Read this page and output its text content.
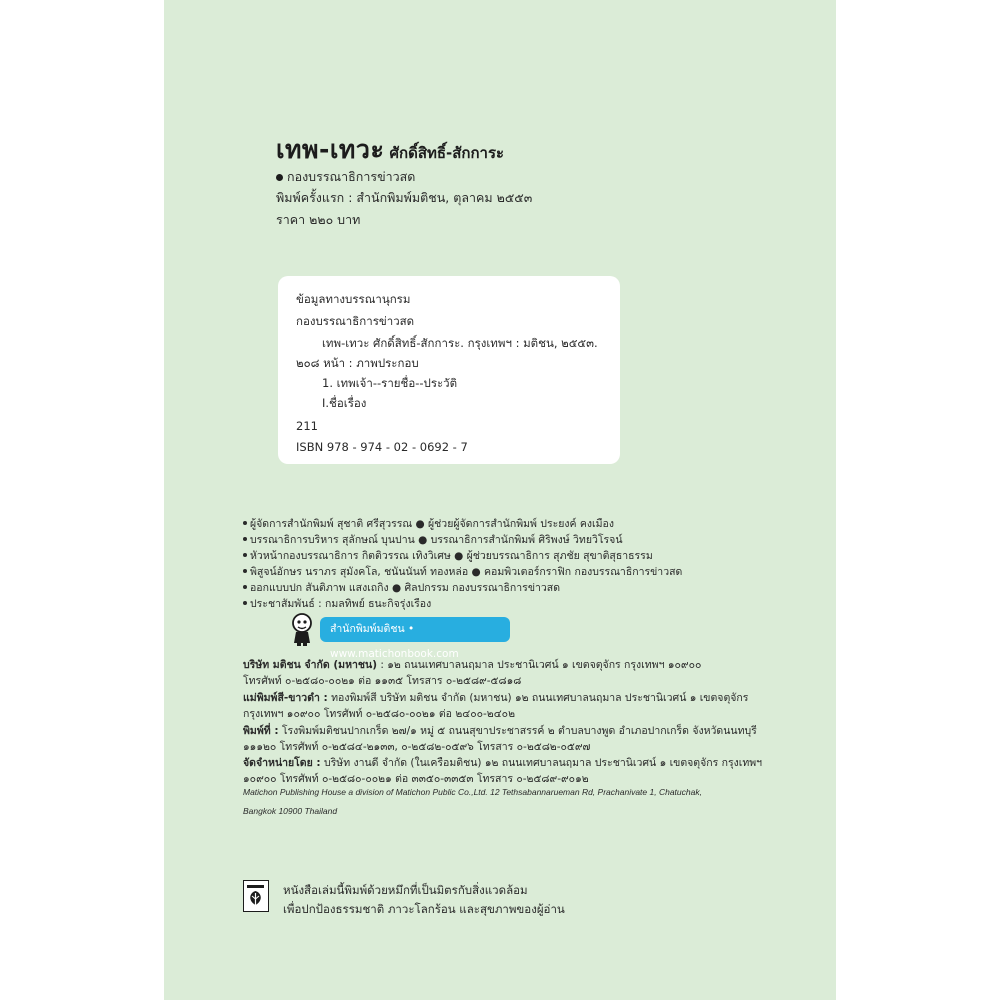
เทพ-เทวะ ศักดิ์สิทธิ์-สักการะ
กองบรรณาธิการข่าวสด
พิมพ์ครั้งแรก : สำนักพิมพ์มติชน, ตุลาคม ๒๕๕๓
ราคา ๒๒๐ บาท
ข้อมูลทางบรรณานุกรม
กองบรรณาธิการข่าวสด
เทพ-เทวะ ศักดิ์สิทธิ์-สักการะ. กรุงเทพฯ : มติชน, ๒๕๕๓.
๒๐๘ หน้า : ภาพประกอบ
1. เทพเจ้า--รายชื่อ--ประวัติ
I.ชื่อเรื่อง
211
ISBN 978 - 974 - 02 - 0692 - 7
ผู้จัดการสำนักพิมพ์ สุชาติ ศรีสุวรรณ ● ผู้ช่วยผู้จัดการสำนักพิมพ์ ประยงค์ คงเมือง
บรรณาธิการบริหาร สุลักษณ์ บุนปาน ● บรรณาธิการสำนักพิมพ์ ศิริพงษ์ วิทยวิโรจน์
หัวหน้ากองบรรณาธิการ กิตติวรรณ เทิงวิเศษ ● ผู้ช่วยบรรณาธิการ สุภชัย สุขาติสุธาธรรม
พิสูจน์อักษร นราภร สุมังคโล, ชนันนันท์ ทองหล่อ ● คอมพิวเตอร์กราฟิก กองบรรณาธิการข่าวสด
ออกแบบปก สันติภาพ แสงเถกิง ● ศิลปกรรม กองบรรณาธิการข่าวสด
ประชาสัมพันธ์ : กมลทิพย์ ธนะกิจรุ่งเรือง
สำนักพิมพ์มติชน • www.matichonbook.com
บริษัท มติชน จำกัด (มหาชน) : ๑๒ ถนนเทศบาลนฤมาล ประชานิเวศน์ ๑ เขตจตุจักร กรุงเทพฯ ๑๐๙๐๐
โทรศัพท์ ๐-๒๕๘๐-๐๐๒๑ ต่อ ๑๑๓๕ โทรสาร ๐-๒๕๘๙-๕๘๑๘
แม่พิมพ์สี-ขาวดำ : ทองพิมพ์สี บริษัท มติชน จำกัด (มหาชน) ๑๒ ถนนเทศบาลนฤมาล ประชานิเวศน์ ๑ เขตจตุจักร
กรุงเทพฯ ๑๐๙๐๐ โทรศัพท์ ๐-๒๕๘๐-๐๐๒๑ ต่อ ๒๔๐๐-๒๔๐๒
พิมพ์ที่ : โรงพิมพ์มติชนปากเกร็ด ๒๗/๑ หมู่ ๕ ถนนสุขาประชาสรรค์ ๒ ตำบลบางพูด อำเภอปากเกร็ด จังหวัดนนทบุรี
๑๑๑๒๐ โทรศัพท์ ๐-๒๕๘๔-๒๑๓๓, ๐-๒๕๘๒-๐๕๙๖ โทรสาร ๐-๒๕๘๒-๐๕๙๗
จัดจำหน่ายโดย : บริษัท งานดี จำกัด (ในเครือมติชน) ๑๒ ถนนเทศบาลนฤมาล ประชานิเวศน์ ๑ เขตจตุจักร กรุงเทพฯ
๑๐๙๐๐ โทรศัพท์ ๐-๒๕๘๐-๐๐๒๑ ต่อ ๓๓๕๐-๓๓๕๓ โทรสาร ๐-๒๕๘๙-๙๐๑๒
Matichon Publishing House a division of Matichon Public Co.,Ltd. 12 Tethsabannarueman Rd, Prachanivate 1, Chatuchak,
Bangkok 10900 Thailand
หนังสือเล่มนี้พิมพ์ด้วยหมึกที่เป็นมิตรกับสิ่งแวดล้อม
เพื่อปกป้องธรรมชาติ ภาวะโลกร้อน และสุขภาพของผู้อ่าน
